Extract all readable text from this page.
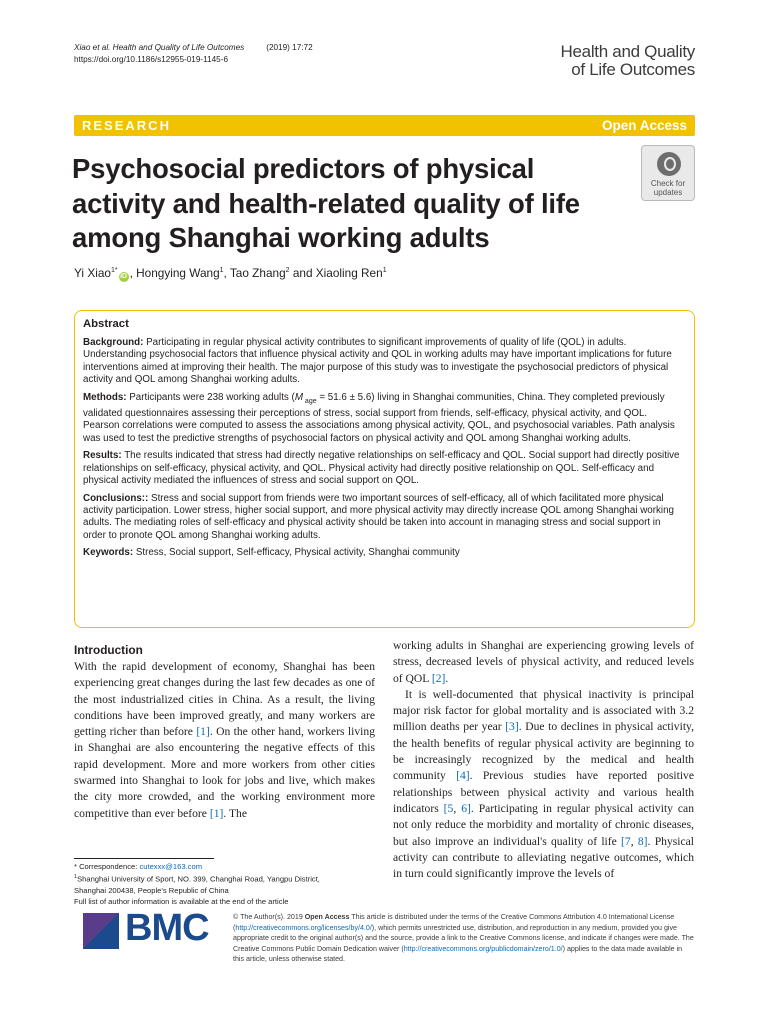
Xiao et al. Health and Quality of Life Outcomes	(2019) 17:72
https://doi.org/10.1186/s12955-019-1145-6	Health and Quality
of Life Outcomes
RESEARCH	Open Access
Psychosocial predictors of physical activity and health-related quality of life among Shanghai working adults
Check for
updates
Yi Xiao$^{1*}$iD , Hongying Wang$^1$, Tao Zhang$^2$ and Xiaoling Ren$^1$
Abstract

Background: Participating in regular physical activity contributes to significant improvements of quality of life (QOL) in adults. Understanding psychosocial factors that influence physical activity and QOL in working adults may have important implications for future interventions aimed at improving their health. The major purpose of this study was to investigate the psychosocial predictors of physical activity and QOL among Shanghai working adults.

Methods: Participants were 238 working adults (M $_{age}$ = 51.6 ± 5.6) living in Shanghai communities, China. They completed previously validated questionnaires assessing their perceptions of stress, social support from friends, self-efficacy, physical activity, and QOL. Pearson correlations were computed to assess the associations among physical activity, QOL, and psychosocial variables. Path analysis was used to test the predictive strengths of psychosocial factors on physical activity and QOL among Shanghai working adults.

Results: The results indicated that stress had directly negative relationships on self-efficacy and QOL. Social support had directly positive relationships on self-efficacy, physical activity, and QOL. Physical activity had directly positive relationship on QOL. Self-efficacy and physical activity mediated the influences of stress and social support on QOL.

Conclusions:: Stress and social support from friends were two important sources of self-efficacy, all of which facilitated more physical activity participation. Lower stress, higher social support, and more physical activity may directly increase QOL among Shanghai working adults. The mediating roles of self-efficacy and physical activity should be taken into account in managing stress and social support in order to pronote QOL among Shanghai working adults.

Keywords: Stress, Social support, Self-efficacy, Physical activity, Shanghai community

Introduction
With the rapid development of economy, Shanghai has been experiencing great changes during the last few decades as one of the most industrialized cities in China. As a result, the living conditions have been improved greatly, and many workers are getting richer than before [1]. On the other hand, workers living in Shanghai are also encountering the negative effects of this rapid development. More and more workers from other cities swarmed into Shanghai to look for jobs and live, which makes the city more crowded, and the working environment more competitive than ever before [1]. The
working adults in Shanghai are experiencing growing levels of stress, decreased levels of physical activity, and reduced levels of QOL [2].
It is well-documented that physical inactivity is principal major risk factor for global mortality and is associated with 3.2 million deaths per year [3]. Due to declines in physical activity, the health benefits of regular physical activity are beginning to be increasingly recognized by the medical and health community [4]. Previous studies have reported positive relationships between physical activity and various health indicators [5, 6]. Participating in regular physical activity can not only reduce the morbidity and mortality of chronic diseases, but also improve an individual's quality of life [7, 8]. Physical activity can contribute to alleviating negative outcomes, which in turn could significantly improve the levels of
* Correspondence: cutexxx@163.com
$^1$Shanghai University of Sport, NO. 399, Changhai Road, Yangpu District,
Shanghai 200438, People's Republic of China
Full list of author information is available at the end of the article
BMC	© The Author(s). 2019 Open Access This article is distributed under the terms of the Creative Commons Attribution 4.0 International License (http://creativecommons.org/licenses/by/4.0/), which permits unrestricted use, distribution, and reproduction in any medium, provided you give appropriate credit to the original author(s) and the source, provide a link to the Creative Commons license, and indicate if changes were made. The Creative Commons Public Domain Dedication waiver (http://creativecommons.org/publicdomain/zero/1.0/) applies to the data made available in this article, unless otherwise stated.
